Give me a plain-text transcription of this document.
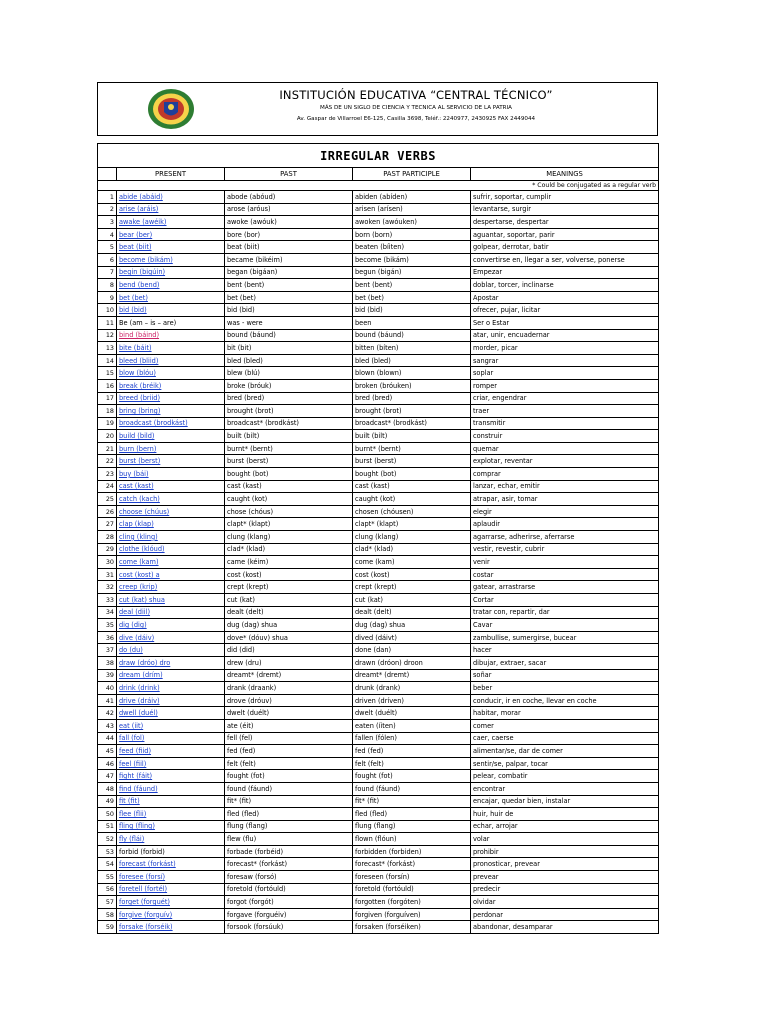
INSTITUCIÓN EDUCATIVA “CENTRAL TÉCNICO”
MÁS DE UN SIGLO DE CIENCIA Y TECNICA AL SERVICIO DE LA PATRIA
Av. Gaspar de Villarroel E6-125, Casilla 3698, Teléf.: 2240977, 2430925 FAX 2449044
IRREGULAR VERBS				
	PRESENT	PAST	PAST PARTICIPLE	MEANINGS
* Could be conjugated as a regular verb				
1	abide (abáid)	abode (abóud)	abiden (abíden)	sufrir, soportar, cumplir
2	arise (aráis)	arose (aróus)	arisen (arísen)	levantarse, surgir
3	awake (awéik)	awoke (awóuk)	awoken (awóuken)	despertarse, despertar
4	bear (ber)	bore (bor)	born (born)	aguantar, soportar, parir
5	beat (biit)	beat (biit)	beaten (bíiten)	golpear, derrotar, batir
6	become (bikám)	became (bikéim)	become (bikám)	convertirse en, llegar a ser, volverse, ponerse
7	begin (bigúin)	began (bigáan)	begun (bigán)	Empezar
8	bend (bend)	bent (bent)	bent (bent)	doblar, torcer, inclinarse
9	bet (bet)	bet (bet)	bet (bet)	Apostar
10	bid (bid)	bid (bid)	bid (bid)	ofrecer, pujar, licitar
11	Be (am – is – are)	was - were	been	Ser o Estar
12	bind (báind)	bound (báund)	bound (báund)	atar, unir, encuadernar
13	bite (báit)	bit (bit)	bitten (bíten)	morder, picar
14	bleed (bliid)	bled (bled)	bled (bled)	sangrar
15	blow (blóu)	blew (blú)	blown (blown)	soplar
16	break (bréik)	broke (bróuk)	broken (bróuken)	romper
17	breed (briid)	bred (bred)	bred (bred)	criar, engendrar
18	bring (bring)	brought (brot)	brought (brot)	traer
19	broadcast (brodkást)	broadcast* (brodkást)	broadcast* (brodkást)	transmitir
20	build (bild)	built (bilt)	built (bilt)	construir
21	burn (bern)	burnt* (bernt)	burnt* (bernt)	quemar
22	burst (berst)	burst (berst)	burst (berst)	explotar, reventar
23	buy (bái)	bought (bot)	bought (bot)	comprar
24	cast (kast)	cast (kast)	cast (kast)	lanzar, echar, emitir
25	catch (kach)	caught (kot)	caught (kot)	atrapar, asir, tomar
26	choose (chúus)	chose (chóus)	chosen (chóusen)	elegir
27	clap (klap)	clapt* (klapt)	clapt* (klapt)	aplaudir
28	cling (kling)	clung (klang)	clung (klang)	agarrarse, adherirse, aferrarse
29	clothe (klóud)	clad* (klad)	clad* (klad)	vestir, revestir, cubrir
30	come (kam)	came (kéim)	come (kam)	venir
31	cost (kost) a	cost (kost)	cost (kost)	costar
32	creep (krip)	crept (krept)	crept (krept)	gatear, arrastrarse
33	cut (kat) shua	cut (kat)	cut (kat)	Cortar
34	deal (diil)	dealt (delt)	dealt (delt)	tratar con, repartir, dar
35	dig (dig)	dug (dag) shua	dug (dag) shua	Cavar
36	dive (dáiv)	dove* (dóuv) shua	dived (dáivt)	zambullise, sumergirse, bucear
37	do (du)	did (did)	done (dan)	hacer
38	draw (dróo) dro	drew (dru)	drawn (dróon) droon	dibujar, extraer, sacar
39	dream (drím)	dreamt* (dremt)	dreamt* (dremt)	soñar
40	drink (drink)	drank (draank)	drunk (drank)	beber
41	drive (dráiv)	drove (dróuv)	driven (dríven)	conducir, ir en coche, llevar en coche
42	dwell (duél)	dwelt (duélt)	dwelt (duélt)	habitar, morar
43	eat (iit)	ate (éit)	eaten (íiten)	comer
44	fall (fol)	fell (fel)	fallen (fólen)	caer, caerse
45	feed (fiid)	fed (fed)	fed (fed)	alimentar/se, dar de comer
46	feel (fiil)	felt (felt)	felt (felt)	sentir/se, palpar, tocar
47	fight (fáit)	fought (fot)	fought (fot)	pelear, combatir
48	find (fáund)	found (fáund)	found (fáund)	encontrar
49	fit (fit)	fit* (fit)	fit* (fit)	encajar, quedar bien, instalar
50	flee (flii)	fled (fled)	fled (fled)	huir, huir de
51	fling (fling)	flung (flang)	flung (flang)	echar, arrojar
52	fly (flái)	flew (flu)	flown (flóun)	volar
53	forbid (forbid)	forbade (forbéid)	forbidden (forbiden)	prohibir
54	forecast (forkást)	forecast* (forkást)	forecast* (forkást)	pronosticar, prevear
55	foresee (forsí)	foresaw (forsó)	foreseen (forsín)	prevear
56	foretell (fortél)	foretold (fortóuld)	foretold (fortóuld)	predecir
57	forget (forguét)	forgot (forgót)	forgotten (forgóten)	olvidar
58	forgive (forguív)	forgave (forguéiv)	forgiven (forguíven)	perdonar
59	forsake (forséik)	forsook (forsúuk)	forsaken (forséiken)	abandonar, desamparar
